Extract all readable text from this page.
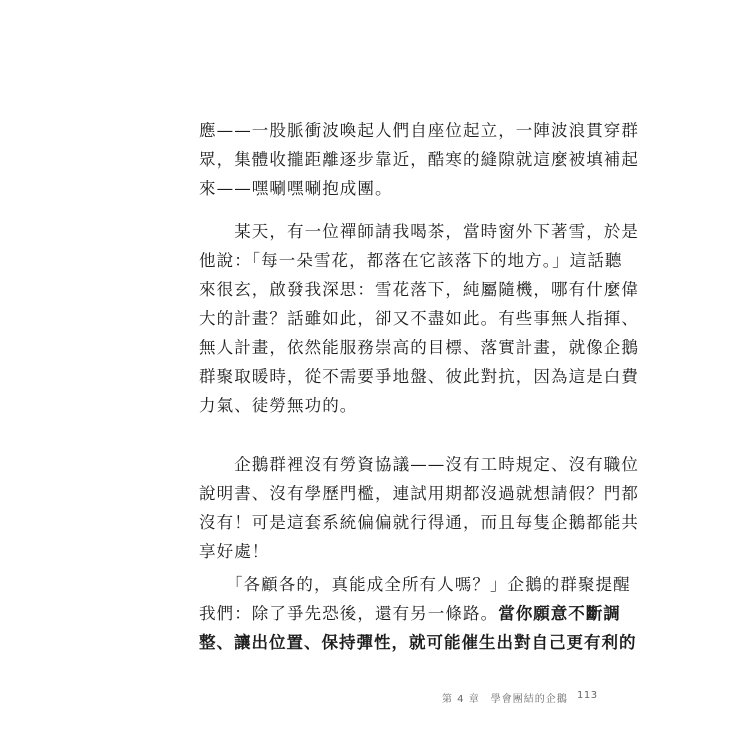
應——一股脈衝波喚起人們自座位起立，一陣波浪貫穿群
眾，集體收攏距離逐步靠近，酷寒的縫隙就這麼被填補起
來——嘿唰嘿唰抱成團。
　　某天，有一位禪師請我喝茶，當時窗外下著雪，於是
他說：「每一朵雪花，都落在它該落下的地方。」這話聽
來很玄，啟發我深思：雪花落下，純屬隨機，哪有什麼偉
大的計畫？話雖如此，卻又不盡如此。有些事無人指揮、
無人計畫，依然能服務崇高的目標、落實計畫，就像企鵝
群聚取暖時，從不需要爭地盤、彼此對抗，因為這是白費
力氣、徒勞無功的。
　　企鵝群裡沒有勞資協議——沒有工時規定、沒有職位
說明書、沒有學歷門檻，連試用期都沒過就想請假？門都
沒有！可是這套系統偏偏就行得通，而且每隻企鵝都能共
享好處！
　　「各顧各的，真能成全所有人嗎？」企鵝的群聚提醒
我們：除了爭先恐後，還有另一條路。當你願意不斷調
整、讓出位置、保持彈性，就可能催生出對自己更有利的
第 4 章　學會團結的企鵝 113
